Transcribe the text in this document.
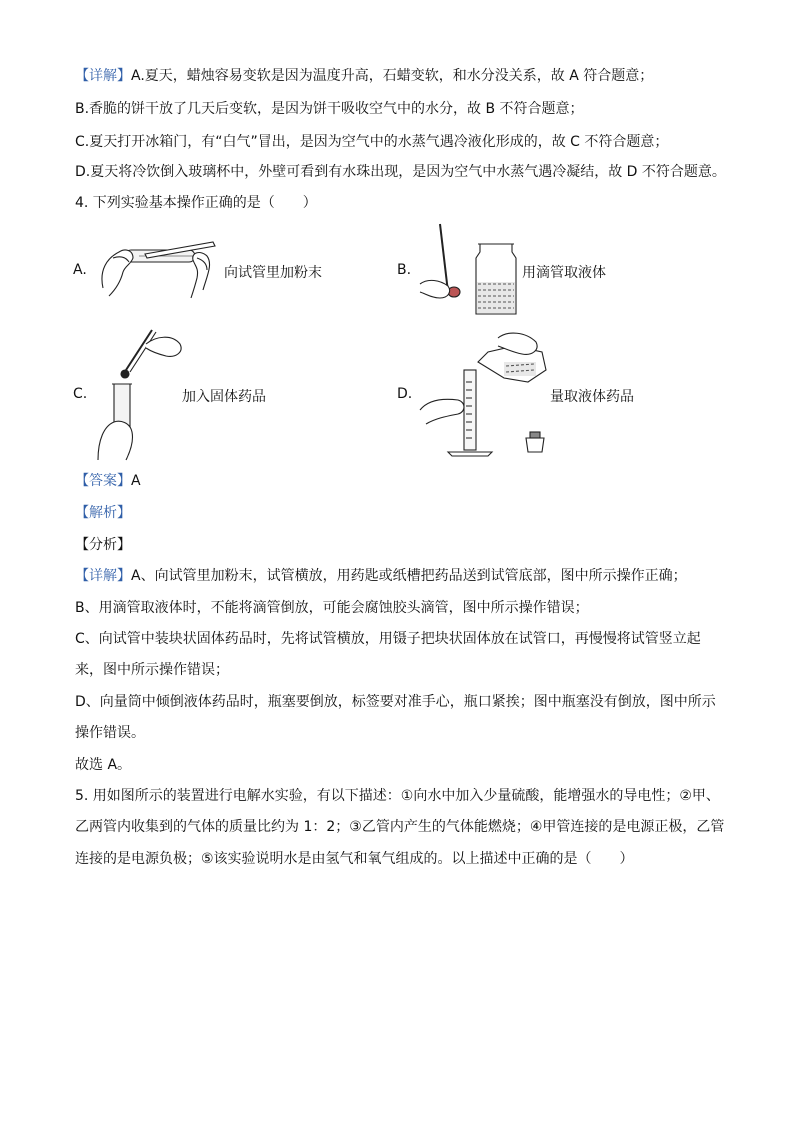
【详解】A.夏天，蜡烛容易变软是因为温度升高，石蜡变软，和水分没关系，故 A 符合题意；
B.香脆的饼干放了几天后变软，是因为饼干吸收空气中的水分，故 B 不符合题意；
C.夏天打开冰箱门，有“白气”冒出，是因为空气中的水蒸气遇冷液化形成的，故 C 不符合题意；
D.夏天将冷饮倒入玻璃杯中，外壁可看到有水珠出现，是因为空气中水蒸气遇冷凝结，故 D 不符合题意。
4. 下列实验基本操作正确的是（　　）
A.	向试管里加粉末	B.	用滴管取液体
C.	加入固体药品	D.	量取液体药品
【答案】A
【解析】
【分析】
【详解】A、向试管里加粉末，试管横放，用药匙或纸槽把药品送到试管底部，图中所示操作正确；
B、用滴管取液体时，不能将滴管倒放，可能会腐蚀胶头滴管，图中所示操作错误；
C、向试管中装块状固体药品时，先将试管横放，用镊子把块状固体放在试管口，再慢慢将试管竖立起
来，图中所示操作错误；
D、向量筒中倾倒液体药品时，瓶塞要倒放，标签要对准手心，瓶口紧挨；图中瓶塞没有倒放，图中所示
操作错误。
故选 A。
5. 用如图所示的装置进行电解水实验，有以下描述：①向水中加入少量硫酸，能增强水的导电性；②甲、
乙两管内收集到的气体的质量比约为 1：2；③乙管内产生的气体能燃烧；④甲管连接的是电源正极，乙管
连接的是电源负极；⑤该实验说明水是由氢气和氧气组成的。以上描述中正确的是（　　）
